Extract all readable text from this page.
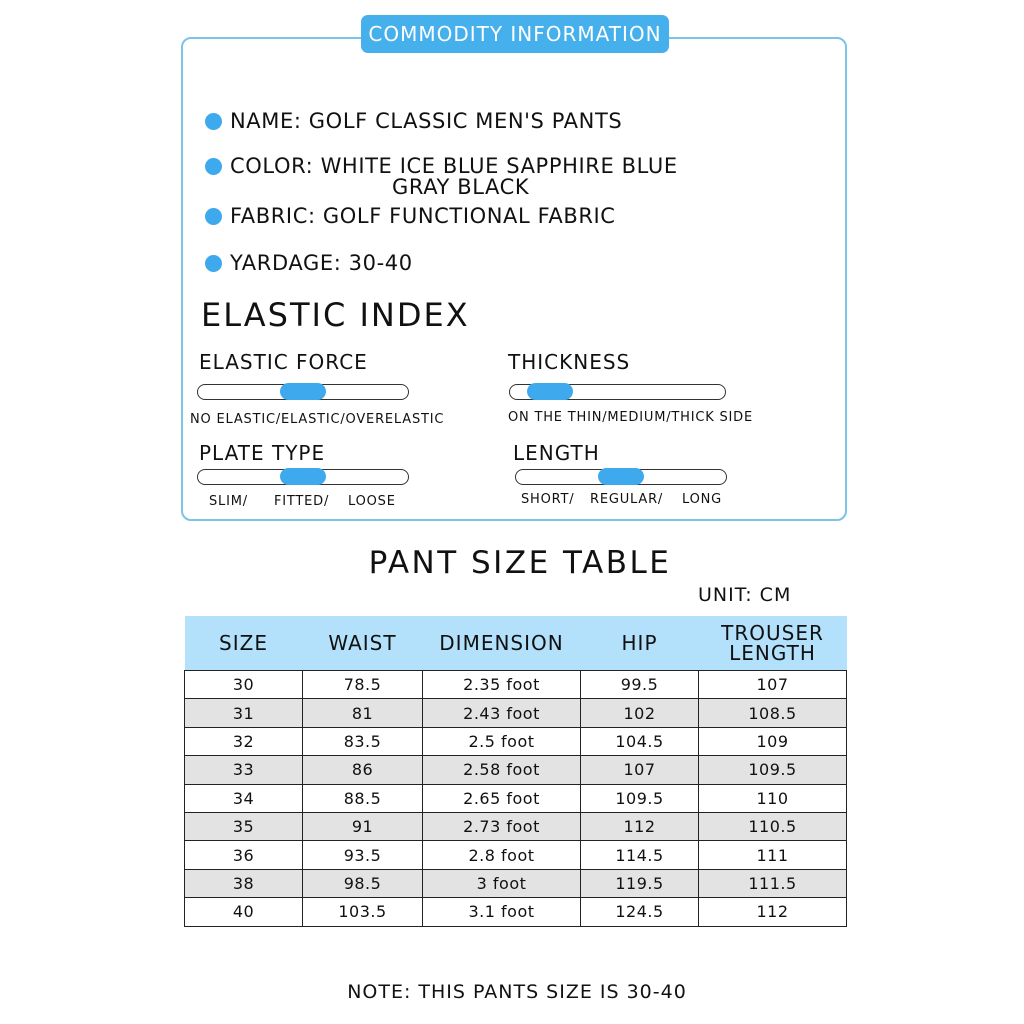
COMMODITY INFORMATION
NAME: GOLF CLASSIC MEN'S PANTS
COLOR: WHITE ICE BLUE SAPPHIRE BLUE
GRAY BLACK
FABRIC: GOLF FUNCTIONAL FABRIC
YARDAGE: 30-40
ELASTIC INDEX
ELASTIC FORCE
NO ELASTIC/ELASTIC/OVERELASTIC
THICKNESS
ON THE THIN/MEDIUM/THICK SIDE
PLATE TYPE
SLIM/ FITTED/ LOOSE
LENGTH
SHORT/ REGULAR/ LONG
PANT SIZE TABLE
UNIT: CM
SIZE	WAIST	DIMENSION	HIP	TROUSER LENGTH
30	78.5	2.35 foot	99.5	107
31	81	2.43 foot	102	108.5
32	83.5	2.5 foot	104.5	109
33	86	2.58 foot	107	109.5
34	88.5	2.65 foot	109.5	110
35	91	2.73 foot	112	110.5
36	93.5	2.8 foot	114.5	111
38	98.5	3 foot	119.5	111.5
40	103.5	3.1 foot	124.5	112
NOTE: THIS PANTS SIZE IS 30-40
